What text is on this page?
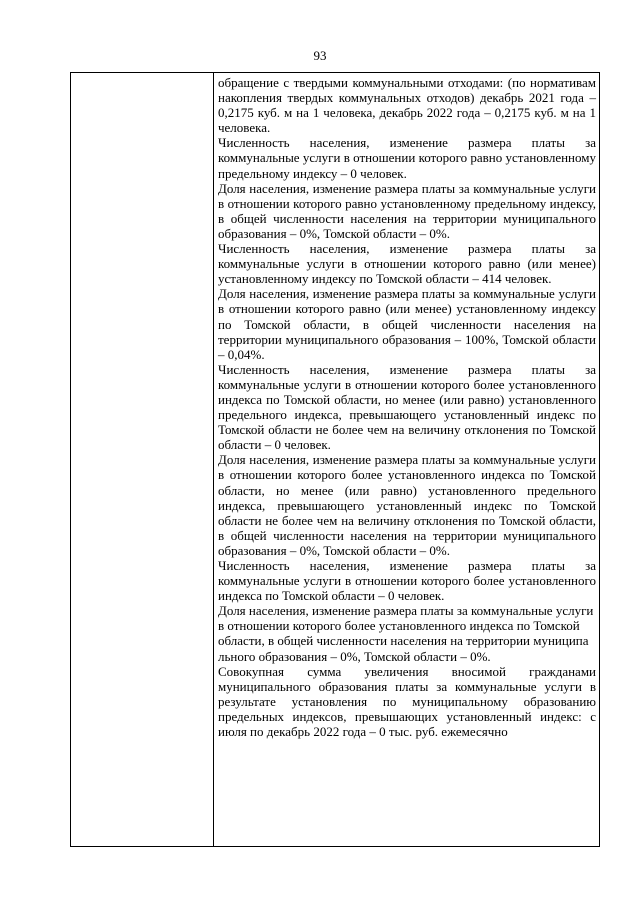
93

обращение с твердыми коммунальными отходами: (по нормативам накопления твердых коммунальных отходов) декабрь 2021 года – 0,2175 куб. м на 1 человека, декабрь 2022 года – 0,2175 куб. м на 1 человека.

Численность населения, изменение размера платы за коммунальные услуги в отношении которого равно установленному предельному индексу – 0 человек.

Доля населения, изменение размера платы за коммунальные услуги в отношении которого равно установленному предельному индексу, в общей численности населения на территории муниципального образования – 0%, Томской области – 0%.

Численность населения, изменение размера платы за коммунальные услуги в отношении которого равно (или менее) установленному индексу по Томской области – 414 человек.

Доля населения, изменение размера платы за коммунальные услуги в отношении которого равно (или менее) установленному индексу по Томской области, в общей численности населения на территории муниципального образования – 100%, Томской области – 0,04%.

Численность населения, изменение размера платы за коммунальные услуги в отношении которого более установленного индекса по Томской области, но менее (или равно) установленного предельного индекса, превышающего установленный индекс по Томской области не более чем на величину отклонения по Томской области – 0 человек.

Доля населения, изменение размера платы за коммунальные услуги в отношении которого более установленного индекса по Томской области, но менее (или равно) установленного предельного индекса, превышающего установленный индекс по Томской области не более чем на величину отклонения по Томской области, в общей численности населения на территории муниципального образования – 0%, Томской области – 0%.

Численность населения, изменение размера платы за коммунальные услуги в отношении которого более установленного индекса по Томской области – 0 человек.

Доля населения, изменение размера платы за коммунальные услуги в отношении которого более установленного индекса по Томской области, в общей численности населения на территории муниципа

льного образования – 0%, Томской области – 0%.

Совокупная сумма увеличения вносимой гражданами муниципального образования платы за коммунальные услуги в результате установления по муниципальному образованию предельных индексов, превышающих установленный индекс: с июля по декабрь 2022 года – 0 тыс. руб. ежемесячно
